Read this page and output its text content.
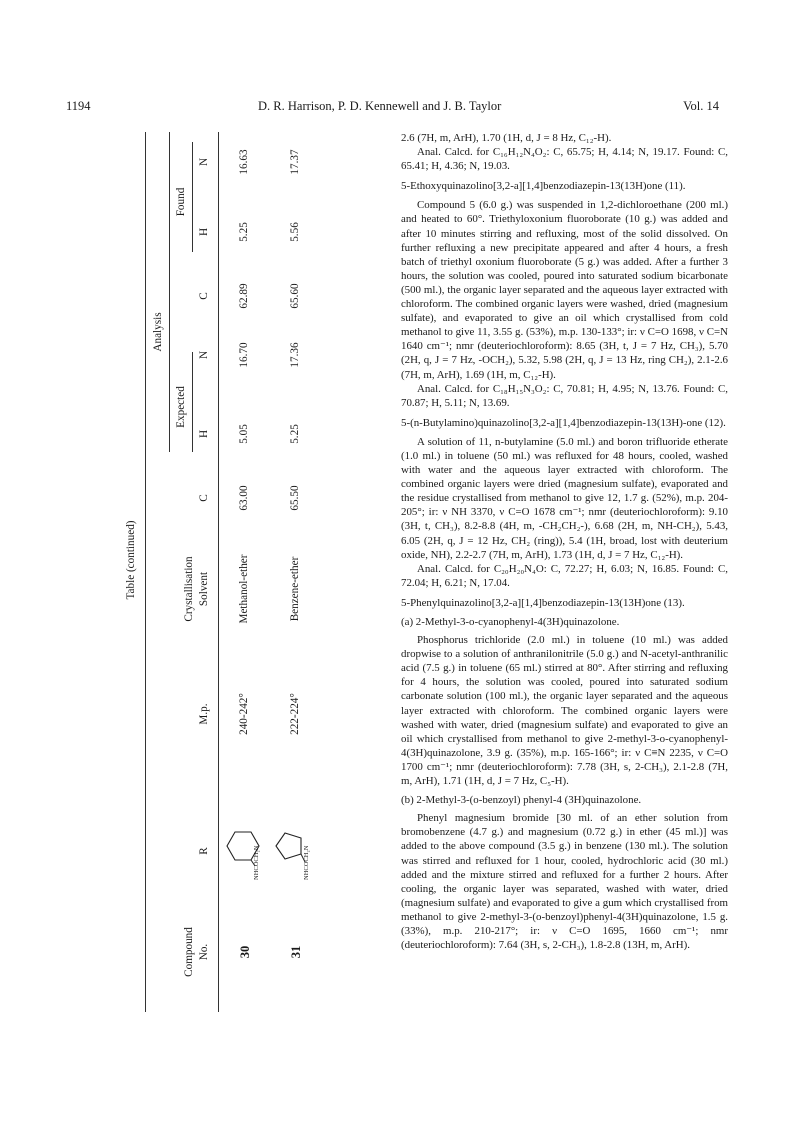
1194	D. R. Harrison, P. D. Kennewell and J. B. Taylor	Vol. 14
Table (continued)
Analysis
Expected
Found
Compound No.
R
M.p.
Crystallisation Solvent
C
H
N
C
H
N
30
NHCOCH₂N
240-242°
Methanol-ether
63.00
5.05
16.70
62.89
5.25
16.63
31
NHCOCH₂N
222-224°
Benzene-ether
65.50
5.25
17.36
65.60
5.56
17.37

2.6 (7H, m, ArH), 1.70 (1H, d, J = 8 Hz, C₁₂-H).

Anal. Calcd. for C₁₆H₁₂N₄O₂: C, 65.75; H, 4.14; N, 19.17. Found: C, 65.41; H, 4.36; N, 19.03.

5-Ethoxyquinazolino[3,2-a][1,4]benzodiazepin-13(13H)one (11).

Compound 5 (6.0 g.) was suspended in 1,2-dichloroethane (200 ml.) and heated to 60°. Triethyloxonium fluoroborate (10 g.) was added and after 10 minutes stirring and refluxing, most of the solid dissolved. On further refluxing a new precipitate appeared and after 4 hours, a fresh batch of triethyl oxonium fluoroborate (5 g.) was added. After a further 3 hours, the solution was cooled, poured into saturated sodium bicarbonate (500 ml.), the organic layer separated and the aqueous layer extracted with chloroform. The combined organic layers were washed, dried (magnesium sulfate), and evaporated to give an oil which crystallised from cold methanol to give 11, 3.55 g. (53%), m.p. 130-133°; ir: ν C=O 1698, ν C=N 1640 cm⁻¹; nmr (deuteriochloroform): 8.65 (3H, t, J = 7 Hz, CH₃), 5.70 (2H, q, J = 7 Hz, -OCH₂), 5.32, 5.98 (2H, q, J = 13 Hz, ring CH₂), 2.1-2.6 (7H, m, ArH), 1.69 (1H, m, C₁₂-H).

Anal. Calcd. for C₁₈H₁₅N₃O₂: C, 70.81; H, 4.95; N, 13.76. Found: C, 70.87; H, 5.11; N, 13.69.

5-(n-Butylamino)quinazolino[3,2-a][1,4]benzodiazepin-13(13H)-one (12).

A solution of 11, n-butylamine (5.0 ml.) and boron trifluoride etherate (1.0 ml.) in toluene (50 ml.) was refluxed for 48 hours, cooled, washed with water and the aqueous layer extracted with chloroform. The combined organic layers were dried (magnesium sulfate), evaporated and the residue crystallised from methanol to give 12, 1.7 g. (52%), m.p. 204-205°; ir: ν NH 3370, ν C=O 1678 cm⁻¹; nmr (deuteriochloroform): 9.10 (3H, t, CH₃), 8.2-8.8 (4H, m, -CH₂CH₂-), 6.68 (2H, m, NH-CH₂), 5.43, 6.05 (2H, q, J = 12 Hz, CH₂ (ring)), 5.4 (1H, broad, lost with deuterium oxide, NH), 2.2-2.7 (7H, m, ArH), 1.73 (1H, d, J = 7 Hz, C₁₂-H).

Anal. Calcd. for C₂₀H₂₀N₄O: C, 72.27; H, 6.03; N, 16.85. Found: C, 72.04; H, 6.21; N, 17.04.

5-Phenylquinazolino[3,2-a][1,4]benzodiazepin-13(13H)one (13).

(a) 2-Methyl-3-o-cyanophenyl-4(3H)quinazolone.

Phosphorus trichloride (2.0 ml.) in toluene (10 ml.) was added dropwise to a solution of anthranilonitrile (5.0 g.) and N-acetyl-anthranilic acid (7.5 g.) in toluene (65 ml.) stirred at 80°. After stirring and refluxing for 4 hours, the solution was cooled, poured into saturated sodium carbonate solution (100 ml.), the organic layer separated and the aqueous layer extracted with chloroform. The combined organic layers were washed with water, dried (magnesium sulfate) and evaporated to give an oil which crystallised from methanol to give 2-methyl-3-o-cyanophenyl-4(3H)quinazolone, 3.9 g. (35%), m.p. 165-166°; ir: ν C≡N 2235, ν C=O 1700 cm⁻¹; nmr (deuteriochloroform): 7.78 (3H, s, 2-CH₃), 2.1-2.8 (7H, m, ArH), 1.71 (1H, d, J = 7 Hz, C₅-H).

(b) 2-Methyl-3-(o-benzoyl) phenyl-4 (3H)quinazolone.

Phenyl magnesium bromide [30 ml. of an ether solution from bromobenzene (4.7 g.) and magnesium (0.72 g.) in ether (45 ml.)] was added to the above compound (3.5 g.) in benzene (130 ml.). The solution was stirred and refluxed for 1 hour, cooled, hydrochloric acid (30 ml.) added and the mixture stirred and refluxed for a further 2 hours. After cooling, the organic layer was separated, washed with water, dried (magnesium sulfate) and evaporated to give a gum which crystallised from methanol to give 2-methyl-3-(o-benzoyl)phenyl-4(3H)quinazolone, 1.5 g. (33%), m.p. 210-217°; ir: ν C=O 1695, 1660 cm⁻¹; nmr (deuteriochloroform): 7.64 (3H, s, 2-CH₃), 1.8-2.8 (13H, m, ArH).
